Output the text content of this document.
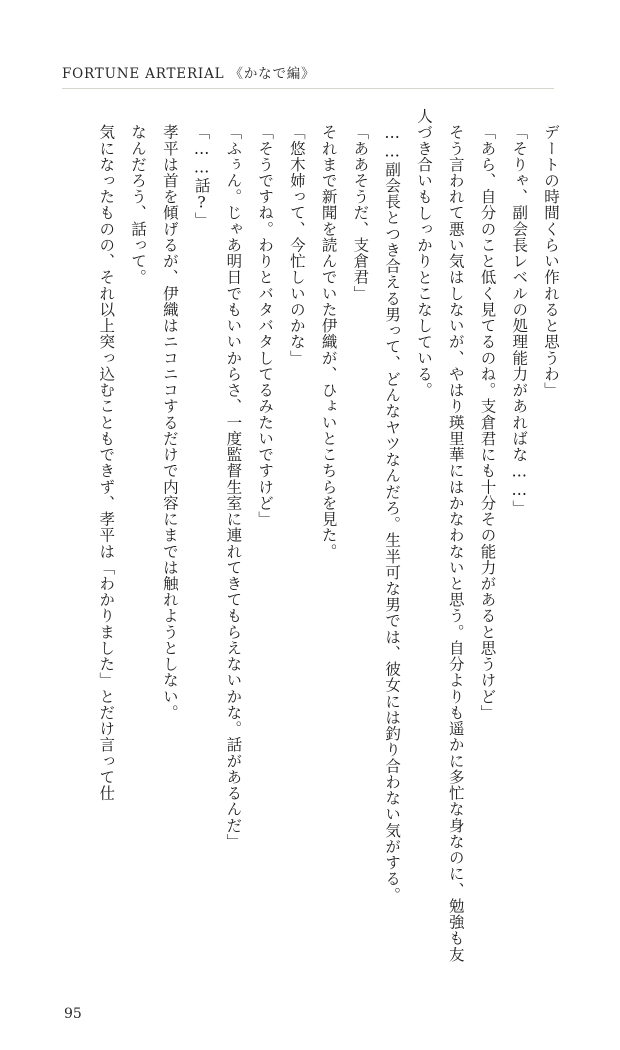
FORTUNE ARTERIAL 《かなで編》

デートの時間くらい作れると思うわ」

「そりゃ、副会長レベルの処理能力があればな……」

「あら、自分のこと低く見てるのね。支倉君にも十分その能力があると思うけど」

そう言われて悪い気はしないが、やはり瑛里華にはかなわないと思う。自分よりも遥かに多忙な身なのに、勉強も友人づき合いもしっかりとこなしている。

……副会長とつき合える男って、どんなヤツなんだろ。生半可な男では、彼女には釣り合わない気がする。

「ああそうだ、支倉君」

それまで新聞を読んでいた伊織が、ひょいとこちらを見た。

「悠木姉って、今忙しいのかな」

「そうですね。わりとバタバタしてるみたいですけど」

「ふぅん。じゃあ明日でもいいからさ、一度監督生室に連れてきてもらえないかな。話があるんだ」

「……話?」

孝平は首を傾げるが、伊織はニコニコするだけで内容にまでは触れようとしない。

なんだろう、話って。

気になったものの、それ以上突っ込むこともできず、孝平は「わかりました」とだけ言って仕

95
